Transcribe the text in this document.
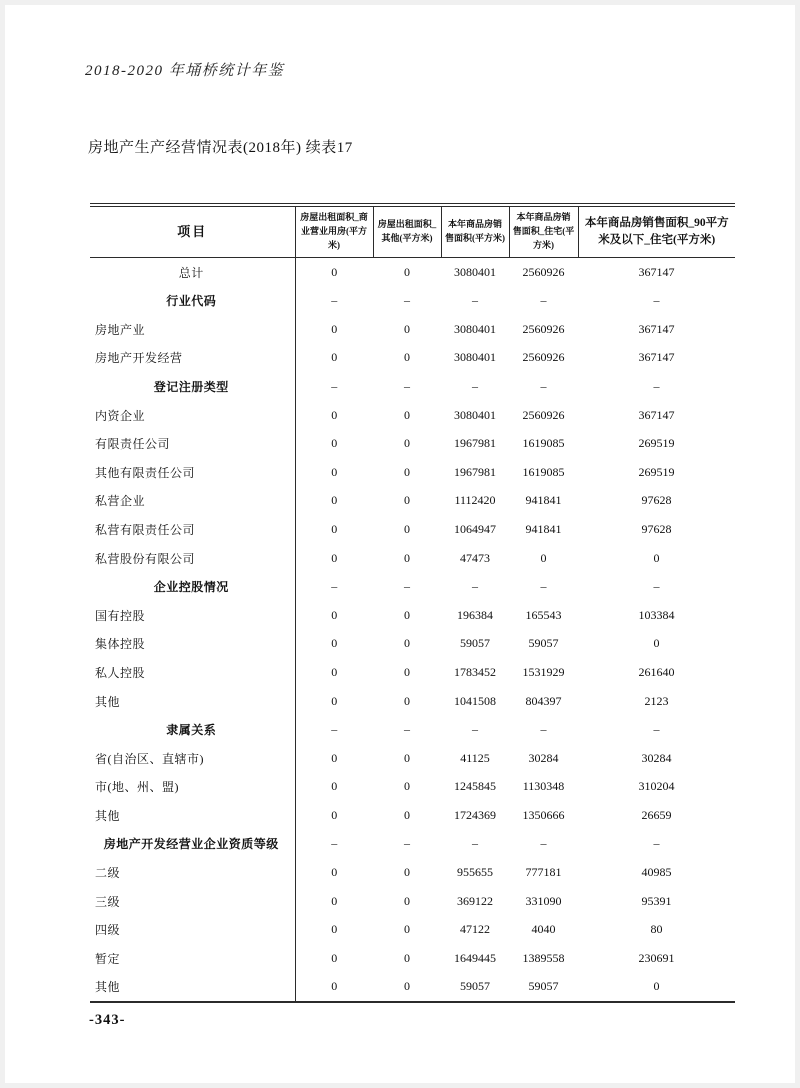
2018-2020 年埇桥统计年鉴
房地产生产经营情况表(2018年) 续表17
项目	房屋出租面积_商业营业用房(平方米)	房屋出租面积_其他(平方米)	本年商品房销售面积(平方米)	本年商品房销售面积_住宅(平方米)	本年商品房销售面积_90平方米及以下_住宅(平方米)
总计	0	0	3080401	2560926	367147
行业代码	–	–	–	–	–
房地产业	0	0	3080401	2560926	367147
房地产开发经营	0	0	3080401	2560926	367147
登记注册类型	–	–	–	–	–
内资企业	0	0	3080401	2560926	367147
有限责任公司	0	0	1967981	1619085	269519
其他有限责任公司	0	0	1967981	1619085	269519
私营企业	0	0	1112420	941841	97628
私营有限责任公司	0	0	1064947	941841	97628
私营股份有限公司	0	0	47473	0	0
企业控股情况	–	–	–	–	–
国有控股	0	0	196384	165543	103384
集体控股	0	0	59057	59057	0
私人控股	0	0	1783452	1531929	261640
其他	0	0	1041508	804397	2123
隶属关系	–	–	–	–	–
省(自治区、直辖市)	0	0	41125	30284	30284
市(地、州、盟)	0	0	1245845	1130348	310204
其他	0	0	1724369	1350666	26659
房地产开发经营业企业资质等级	–	–	–	–	–
二级	0	0	955655	777181	40985
三级	0	0	369122	331090	95391
四级	0	0	47122	4040	80
暂定	0	0	1649445	1389558	230691
其他	0	0	59057	59057	0
-343-
